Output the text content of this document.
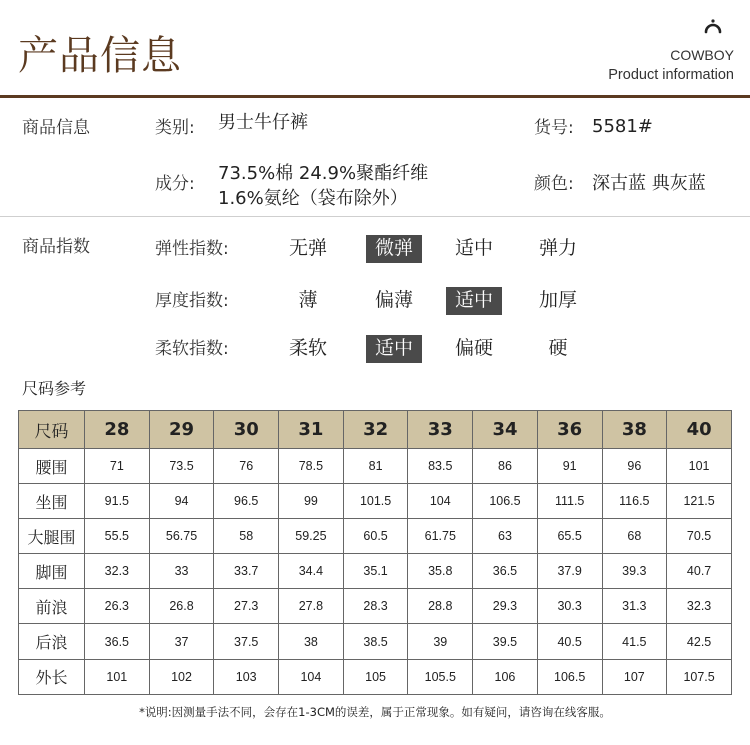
产品信息	COWBOY
Product information
商品信息	类别: 男士牛仔裤	货号: 5581#
成分: 73.5%棉 24.9%聚酯纤维
1.6%氨纶（袋布除外）
颜色: 深古蓝 典灰蓝
商品指数	弹性指数:	无弹	微弹	适中	弹力
厚度指数:	薄	偏薄	适中	加厚
柔软指数:	柔软	适中	偏硬	硬
尺码参考
尺码	28	29	30	31	32	33	34	36	38	40
腰围	71	73.5	76	78.5	81	83.5	86	91	96	101
坐围	91.5	94	96.5	99	101.5	104	106.5	111.5	116.5	121.5
大腿围	55.5	56.75	58	59.25	60.5	61.75	63	65.5	68	70.5
脚围	32.3	33	33.7	34.4	35.1	35.8	36.5	37.9	39.3	40.7
前浪	26.3	26.8	27.3	27.8	28.3	28.8	29.3	30.3	31.3	32.3
后浪	36.5	37	37.5	38	38.5	39	39.5	40.5	41.5	42.5
外长	101	102	103	104	105	105.5	106	106.5	107	107.5
*说明:因测量手法不同，会存在1-3CM的误差，属于正常现象。如有疑问，请咨询在线客服。
